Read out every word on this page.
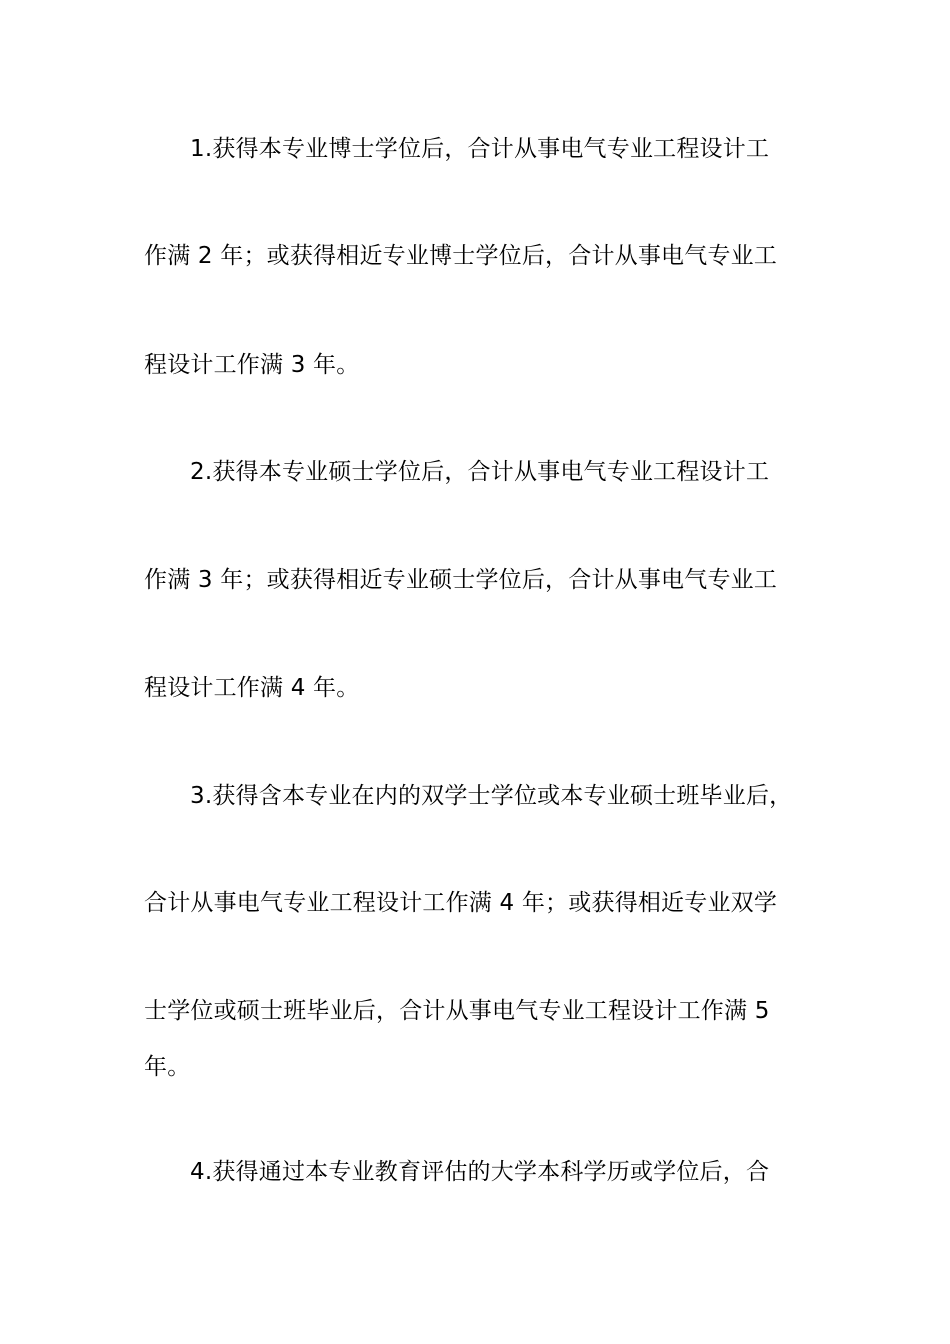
1.获得本专业博士学位后，合计从事电气专业工程设计工
作满 2 年；或获得相近专业博士学位后，合计从事电气专业工
程设计工作满 3 年。
2.获得本专业硕士学位后，合计从事电气专业工程设计工
作满 3 年；或获得相近专业硕士学位后，合计从事电气专业工
程设计工作满 4 年。
3.获得含本专业在内的双学士学位或本专业硕士班毕业后，
合计从事电气专业工程设计工作满 4 年；或获得相近专业双学
士学位或硕士班毕业后，合计从事电气专业工程设计工作满 5
年。
4.获得通过本专业教育评估的大学本科学历或学位后，合
